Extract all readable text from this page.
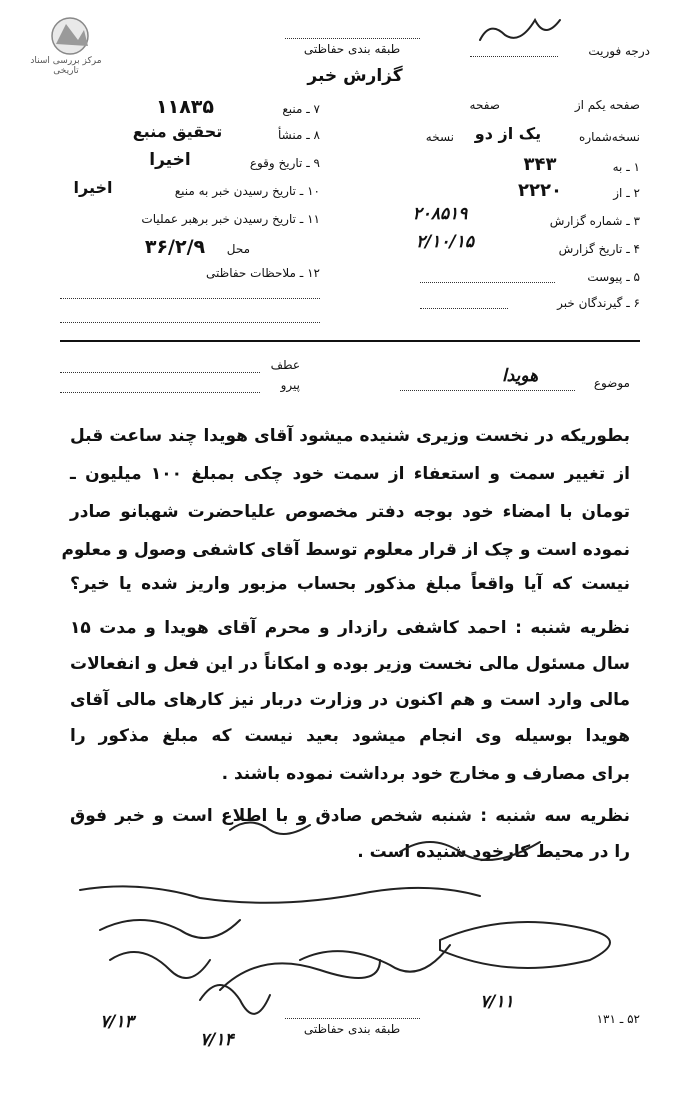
مرکز بررسی اسناد تاریخی
طبقه بندی حفاظتی
گزارش خبر
درجه فوریت
صفحه یکم از
صفحه
نسخه‌شماره
یک از دو
نسخه
۱ ـ به
۳۴۳
۲ ـ از
۲۲۲۰
۳ ـ شماره گزارش
۲۰۸۵۱۹
۴ ـ تاریخ گزارش
۲/۱۰/۱۵
۵ ـ پیوست
۶ ـ گیرندگان خبر
۷ ـ منبع
۱۱۸۳۵
۸ ـ منشأ
تحقیق منبع
۹ ـ تاریخ وقوع
اخیرا
۱۰ ـ تاریخ رسیدن خبر به منبع
اخیرا
۱۱ ـ تاریخ رسیدن خبر برهبر عملیات
محل
۳۶/۲/۹
۱۲ ـ ملاحظات حفاظتی
عطف
پیرو	موضوع
هویدا
بطوریکه در نخست وزیری شنیده میشود آقای هویدا چند ساعت قبل
از تغییر سمت و استعفاء از سمت خود چکی بمبلغ ۱۰۰ میلیون ـ
تومان با امضاء خود بوجه دفتر مخصوص علیاحضرت شهبانو صادر
نموده است و چک از قرار معلوم توسط آقای کاشفی وصول و معلوم
نیست که آیا واقعاً مبلغ مذکور بحساب مزبور واریز شده یا خیر؟
نظریه شنبه : احمد کاشفی رازدار و محرم آقای هویدا و مدت ۱۵
سال مسئول مالی نخست وزیر بوده و امکاناً در این فعل و انفعالات
مالی وارد است و هم اکنون در وزارت دربار نیز کارهای مالی آقای
هویدا بوسیله وی انجام میشود بعید نیست که مبلغ مذکور را
برای مصارف و مخارج خود برداشت نموده باشند .
نظریه سه شنبه : شنبه شخص صادق و با اطلاع است و خبر فوق
را در محیط کارخود شنیده است .
۷/۱۳
۷/۱۴
۷/۱۱
طبقه بندی حفاظتی
۵۲ ـ ۱۳۱
